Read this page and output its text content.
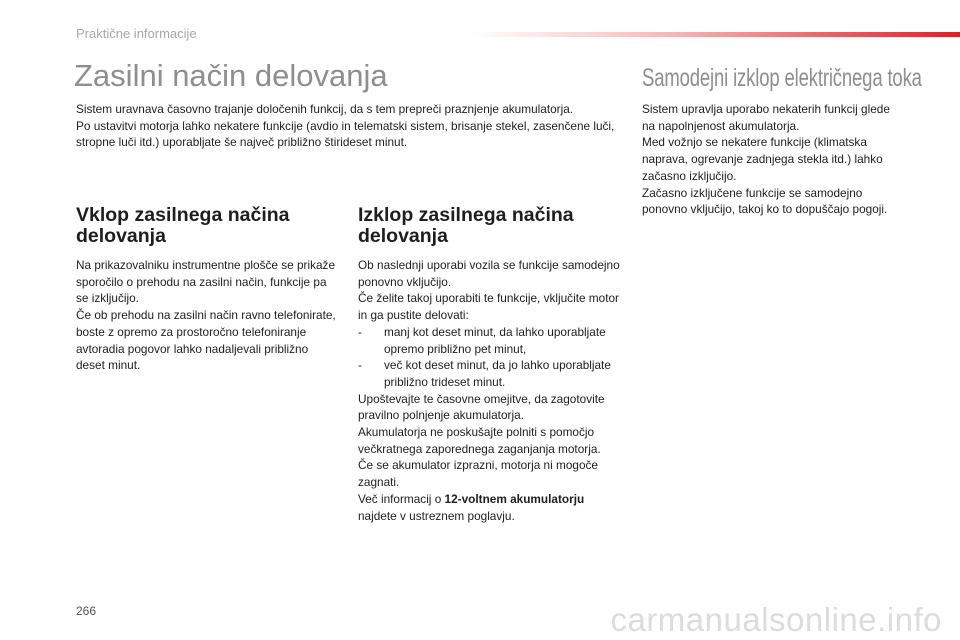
Praktične informacije
Zasilni način delovanja	Samodejni izklop električnega toka

Sistem uravnava časovno trajanje določenih funkcij, da s tem prepreči praznjenje akumulatorja.

Po ustavitvi motorja lahko nekatere funkcije (avdio in telematski sistem, brisanje stekel, zasenčene luči, stropne luči itd.) uporabljate še največ približno štirideset minut.

Vklop zasilnega načina delovanja

Na prikazovalniku instrumentne plošče se prikaže sporočilo o prehodu na zasilni način, funkcije pa se izključijo.

Če ob prehodu na zasilni način ravno telefonirate, boste z opremo za prostoročno telefoniranje avtoradia pogovor lahko nadaljevali približno deset minut.

Izklop zasilnega načina delovanja

Ob naslednji uporabi vozila se funkcije samodejno ponovno vključijo.

Če želite takoj uporabiti te funkcije, vključite motor in ga pustite delovati:

-	manj kot deset minut, da lahko uporabljate opremo približno pet minut,
-	več kot deset minut, da jo lahko uporabljate približno trideset minut.

Upoštevajte te časovne omejitve, da zagotovite pravilno polnjenje akumulatorja.

Akumulatorja ne poskušajte polniti s pomočjo večkratnega zaporednega zaganjanja motorja.

Če se akumulator izprazni, motorja ni mogoče zagnati.

Več informacij o 12-voltnem akumulatorju
najdete v ustreznem poglavju.

Sistem upravlja uporabo nekaterih funkcij glede na napolnjenost akumulatorja.

Med vožnjo se nekatere funkcije (klimatska naprava, ogrevanje zadnjega stekla itd.) lahko začasno izključijo.

Začasno izključene funkcije se samodejno ponovno vključijo, takoj ko to dopuščajo pogoji.

266	carmanualsonline.info
